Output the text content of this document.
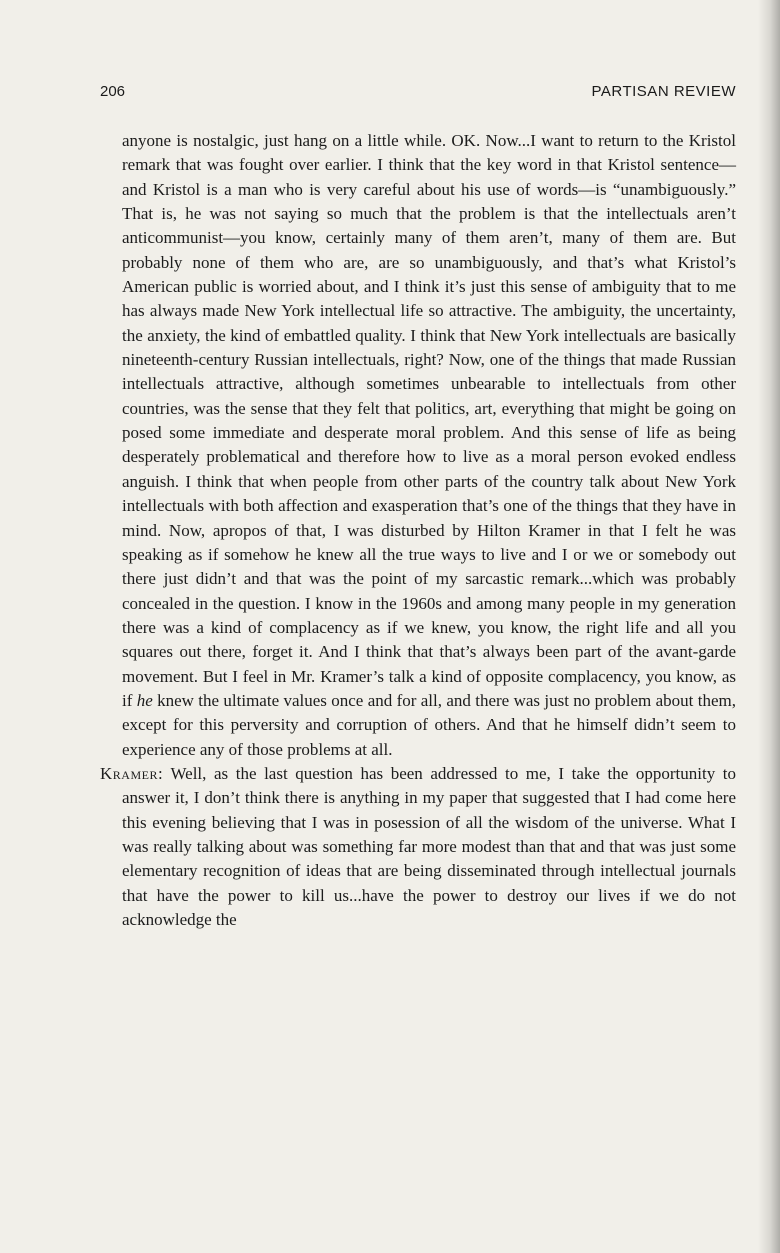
206	PARTISAN REVIEW

anyone is nostalgic, just hang on a little while. OK. Now...I want to return to the Kristol remark that was fought over earlier. I think that the key word in that Kristol sentence—and Kristol is a man who is very careful about his use of words—is “unambiguously.” That is, he was not saying so much that the problem is that the intellectuals aren’t anticommunist—you know, certainly many of them aren’t, many of them are. But probably none of them who are, are so unambiguously, and that’s what Kristol’s American public is worried about, and I think it’s just this sense of ambiguity that to me has always made New York intellectual life so attractive. The ambiguity, the uncertainty, the anxiety, the kind of embattled quality. I think that New York intellectuals are basically nineteenth-century Russian intellectuals, right? Now, one of the things that made Russian intellectuals attractive, although sometimes unbearable to intellectuals from other countries, was the sense that they felt that politics, art, everything that might be going on posed some immediate and desperate moral problem. And this sense of life as being desperately problematical and therefore how to live as a moral person evoked endless anguish. I think that when people from other parts of the country talk about New York intellectuals with both affection and exasperation that’s one of the things that they have in mind. Now, apropos of that, I was disturbed by Hilton Kramer in that I felt he was speaking as if somehow he knew all the true ways to live and I or we or somebody out there just didn’t and that was the point of my sarcastic remark...which was probably concealed in the question. I know in the 1960s and among many people in my generation there was a kind of complacency as if we knew, you know, the right life and all you squares out there, forget it. And I think that that’s always been part of the avant-garde movement. But I feel in Mr. Kramer’s talk a kind of opposite complacency, you know, as if he knew the ultimate values once and for all, and there was just no problem about them, except for this perversity and corruption of others. And that he himself didn’t seem to experience any of those problems at all.

Kramer: Well, as the last question has been addressed to me, I take the opportunity to answer it, I don’t think there is anything in my paper that suggested that I had come here this evening believing that I was in posession of all the wisdom of the universe. What I was really talking about was something far more modest than that and that was just some elementary recognition of ideas that are being disseminated through intellectual journals that have the power to kill us...have the power to destroy our lives if we do not acknowledge the
